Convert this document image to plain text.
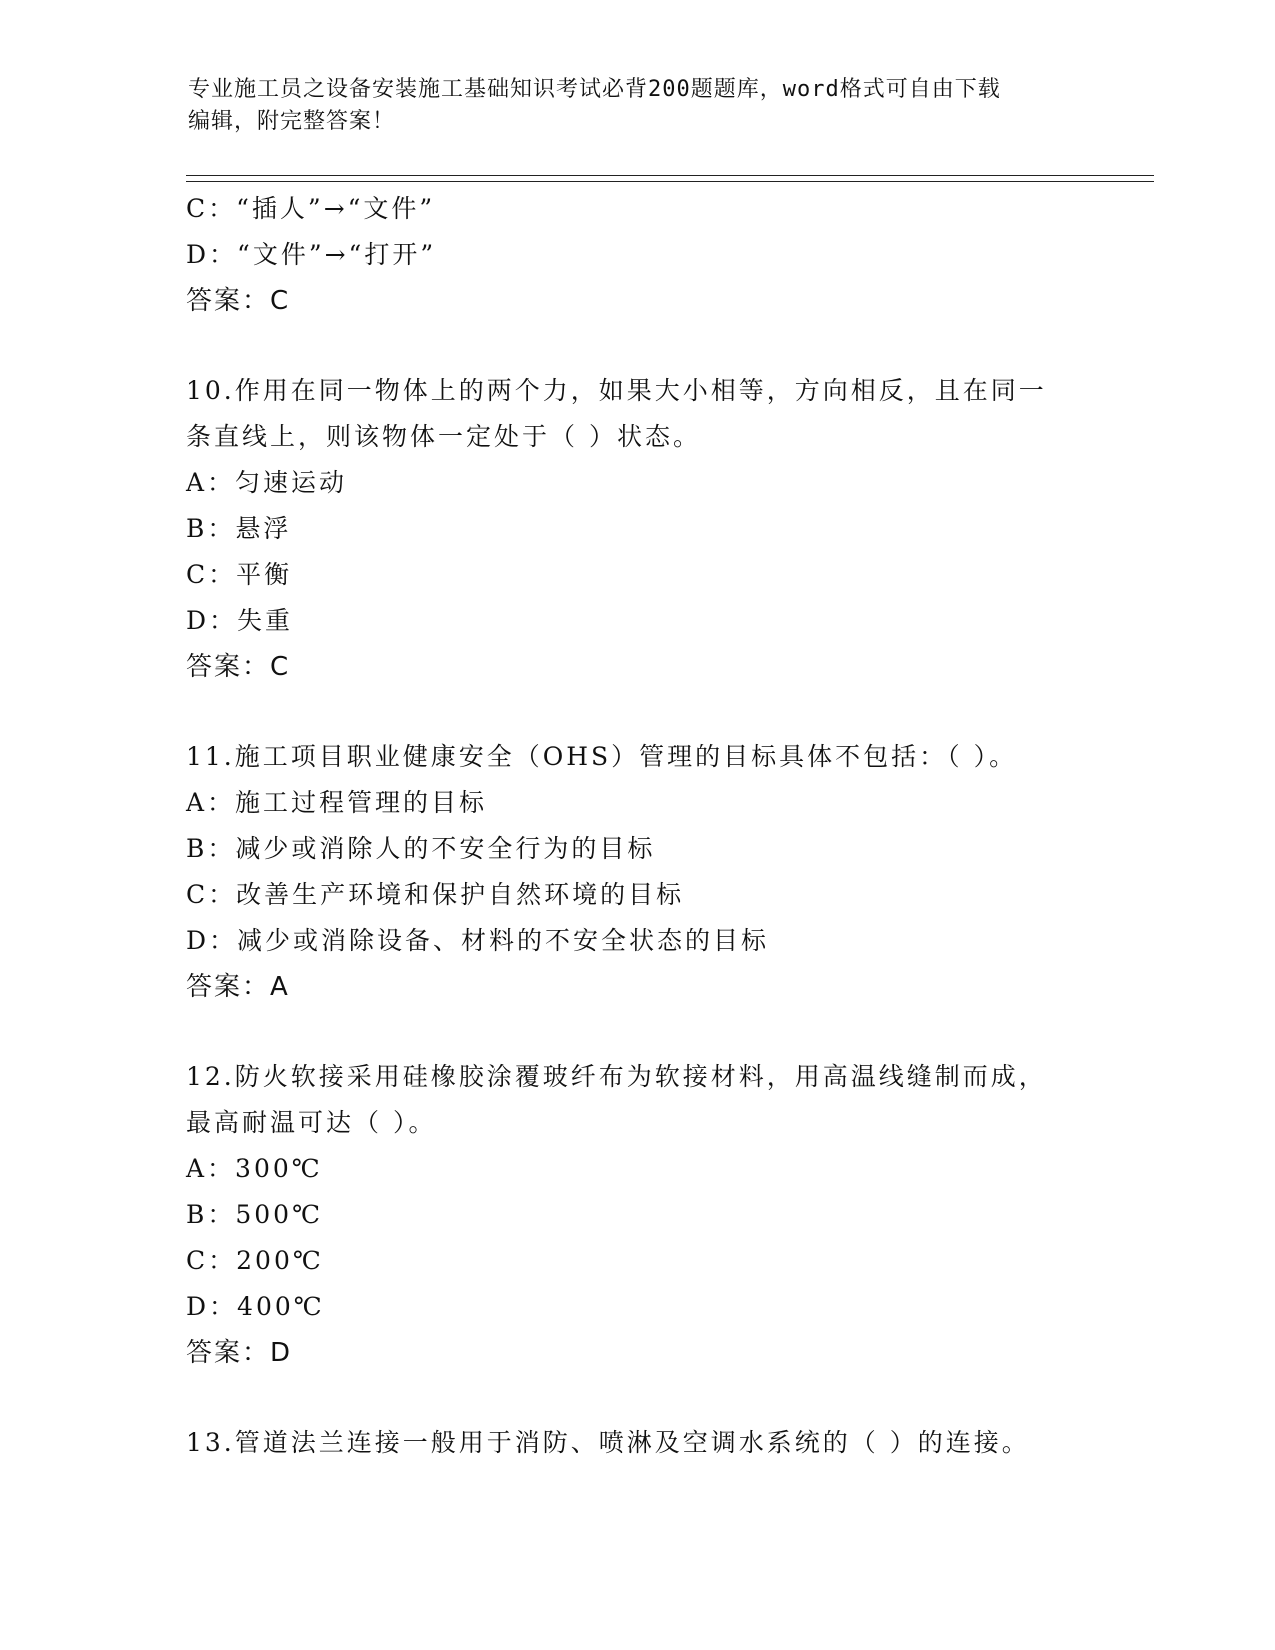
专业施工员之设备安装施工基础知识考试必背200题题库，word格式可自由下载
编辑，附完整答案！
C：“插人”→“文件”
D：“文件”→“打开”
答案：C
10.作用在同一物体上的两个力，如果大小相等，方向相反，且在同一
条直线上，则该物体一定处于（ ）状态。
A：匀速运动
B：悬浮
C：平衡
D：失重
答案：C
11.施工项目职业健康安全（OHS）管理的目标具体不包括：（ ）。
A：施工过程管理的目标
B：减少或消除人的不安全行为的目标
C：改善生产环境和保护自然环境的目标
D：减少或消除设备、材料的不安全状态的目标
答案：A
12.防火软接采用硅橡胶涂覆玻纤布为软接材料，用高温线缝制而成，
最高耐温可达（ ）。
A：300℃
B：500℃
C：200℃
D：400℃
答案：D
13.管道法兰连接一般用于消防、喷淋及空调水系统的（ ）的连接。
